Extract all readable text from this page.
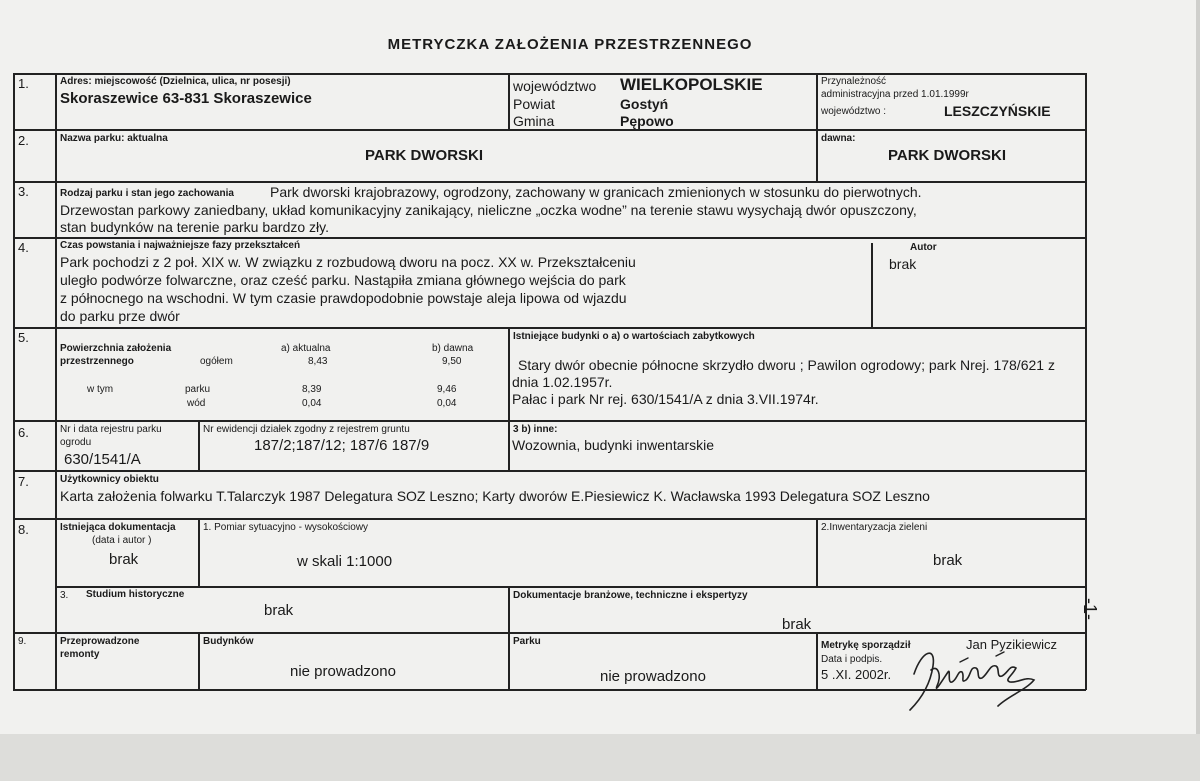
METRYCZKA ZAŁOŻENIA PRZESTRZENNEGO
1.	Adres: miejscowość (Dzielnica, ulica, nr posesji)
Skoraszewice 63-831 Skoraszewice
województwo WIELKOPOLSKIE
Powiat	Gostyń
Gmina	Pępowo
Przynależność
administracyjna przed 1.01.1999r
województwo :	LESZCZYŃSKIE
2.	Nazwa parku: aktualna
PARK DWORSKI
dawna:
PARK DWORSKI
3.	Rodzaj parku i stan jego zachowania	Park dworski krajobrazowy, ogrodzony, zachowany w granicach zmienionych w stosunku do pierwotnych.
Drzewostan parkowy zaniedbany, układ komunikacyjny zanikający, nieliczne „oczka wodne” na terenie stawu wysychają dwór opuszczony,
stan budynków na terenie parku bardzo zły.
4.	Czas powstania i najważniejsze fazy przekształceń
Park pochodzi z 2 poł. XIX w. W związku z rozbudową dworu na pocz. XX w. Przekształceniu
uległo podwórze folwarczne, oraz cześć parku. Nastąpiła zmiana głównego wejścia do park
z północnego na wschodni. W tym czasie prawdopodobnie powstaje aleja lipowa od wjazdu
do parku prze dwór
Autor
brak
5.
Powierzchnia założenia
przestrzennego
a) aktualna	b) dawna
ogółem	8,43	9,50
w tym	parku	8,39	9,46
wód	0,04	0,04
Istniejące budynki o a) o wartościach zabytkowych
Stary dwór obecnie północne skrzydło dworu ; Pawilon ogrodowy; park Nrej. 178/621 z
dnia 1.02.1957r.
Pałac i park Nr rej. 630/1541/A z dnia 3.VII.1974r.
6.	Nr i data rejestru parku
ogrodu
630/1541/A
Nr ewidencji działek zgodny z rejestrem gruntu
187/2;187/12; 187/6 187/9
3 b) inne:
Wozownia, budynki inwentarskie
7.	Użytkownicy obiektu
Karta założenia folwarku T.Talarczyk 1987 Delegatura SOZ Leszno; Karty dworów E.Piesiewicz K. Wacławska 1993 Delegatura SOZ Leszno
8.	Istniejąca dokumentacja
(data i autor )
brak
1. Pomiar sytuacyjno - wysokościowy
w skali 1:1000
2.Inwentaryzacja zieleni
brak
3. Studium historyczne
brak
Dokumentacje branżowe, techniczne i ekspertyzy
brak
9.	Przeprowadzone
remonty
Budynków
nie prowadzono
Parku
nie prowadzono
Metrykę sporządził	Jan Pyzikiewicz
Data i podpis.
5 .XI. 2002r.
-1-
